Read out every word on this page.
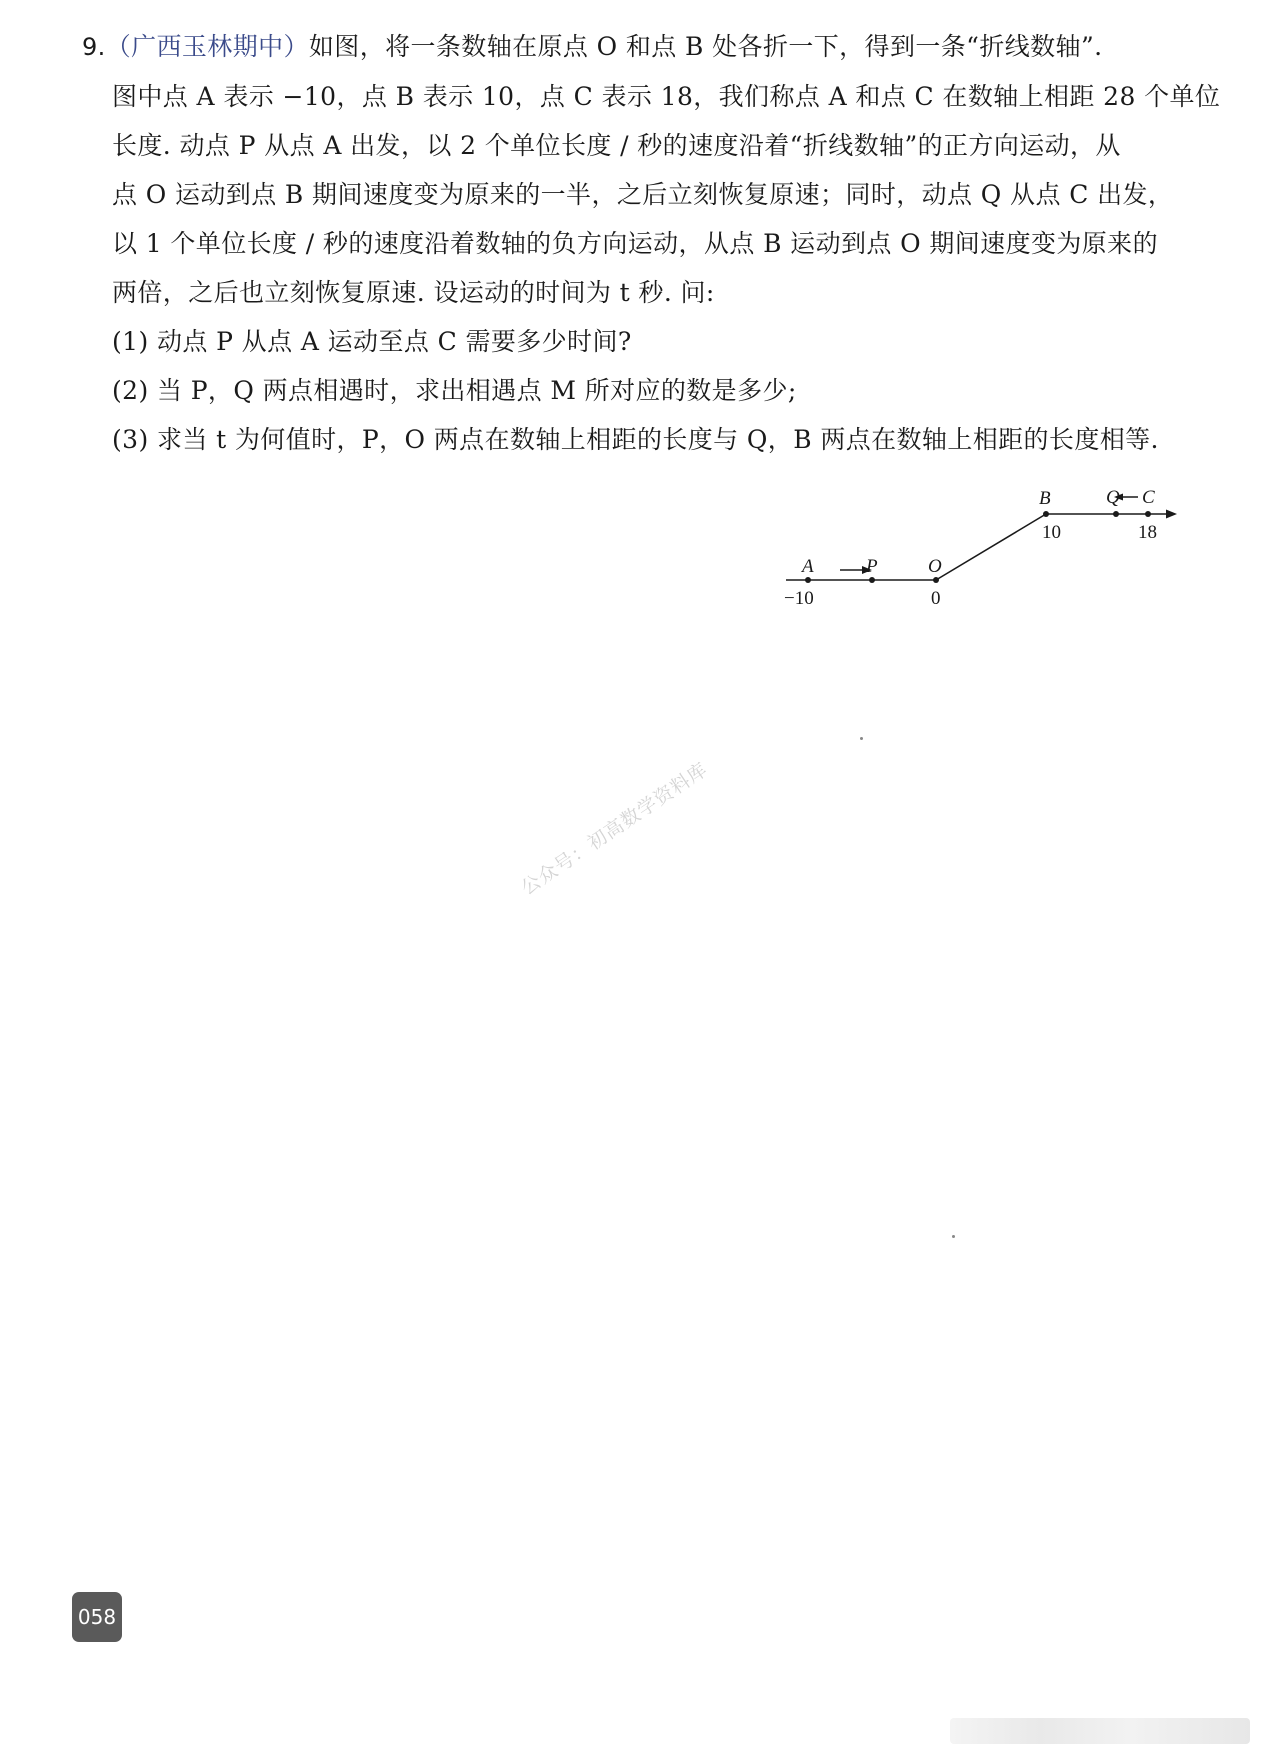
9.（广西玉林期中）如图，将一条数轴在原点 O 和点 B 处各折一下，得到一条“折线数轴”.
图中点 A 表示 −10，点 B 表示 10，点 C 表示 18，我们称点 A 和点 C 在数轴上相距 28 个单位
长度. 动点 P 从点 A 出发，以 2 个单位长度 / 秒的速度沿着“折线数轴”的正方向运动，从
点 O 运动到点 B 期间速度变为原来的一半，之后立刻恢复原速；同时，动点 Q 从点 C 出发，
以 1 个单位长度 / 秒的速度沿着数轴的负方向运动，从点 B 运动到点 O 期间速度变为原来的
两倍，之后也立刻恢复原速. 设运动的时间为 t 秒. 问:
(1) 动点 P 从点 A 运动至点 C 需要多少时间?
(2) 当 P，Q 两点相遇时，求出相遇点 M 所对应的数是多少;
(3) 求当 t 为何值时，P，O 两点在数轴上相距的长度与 Q，B 两点在数轴上相距的长度相等.
A	P	O
B	Q C
−10	0
10	18
公众号：初高数学资料库
058
